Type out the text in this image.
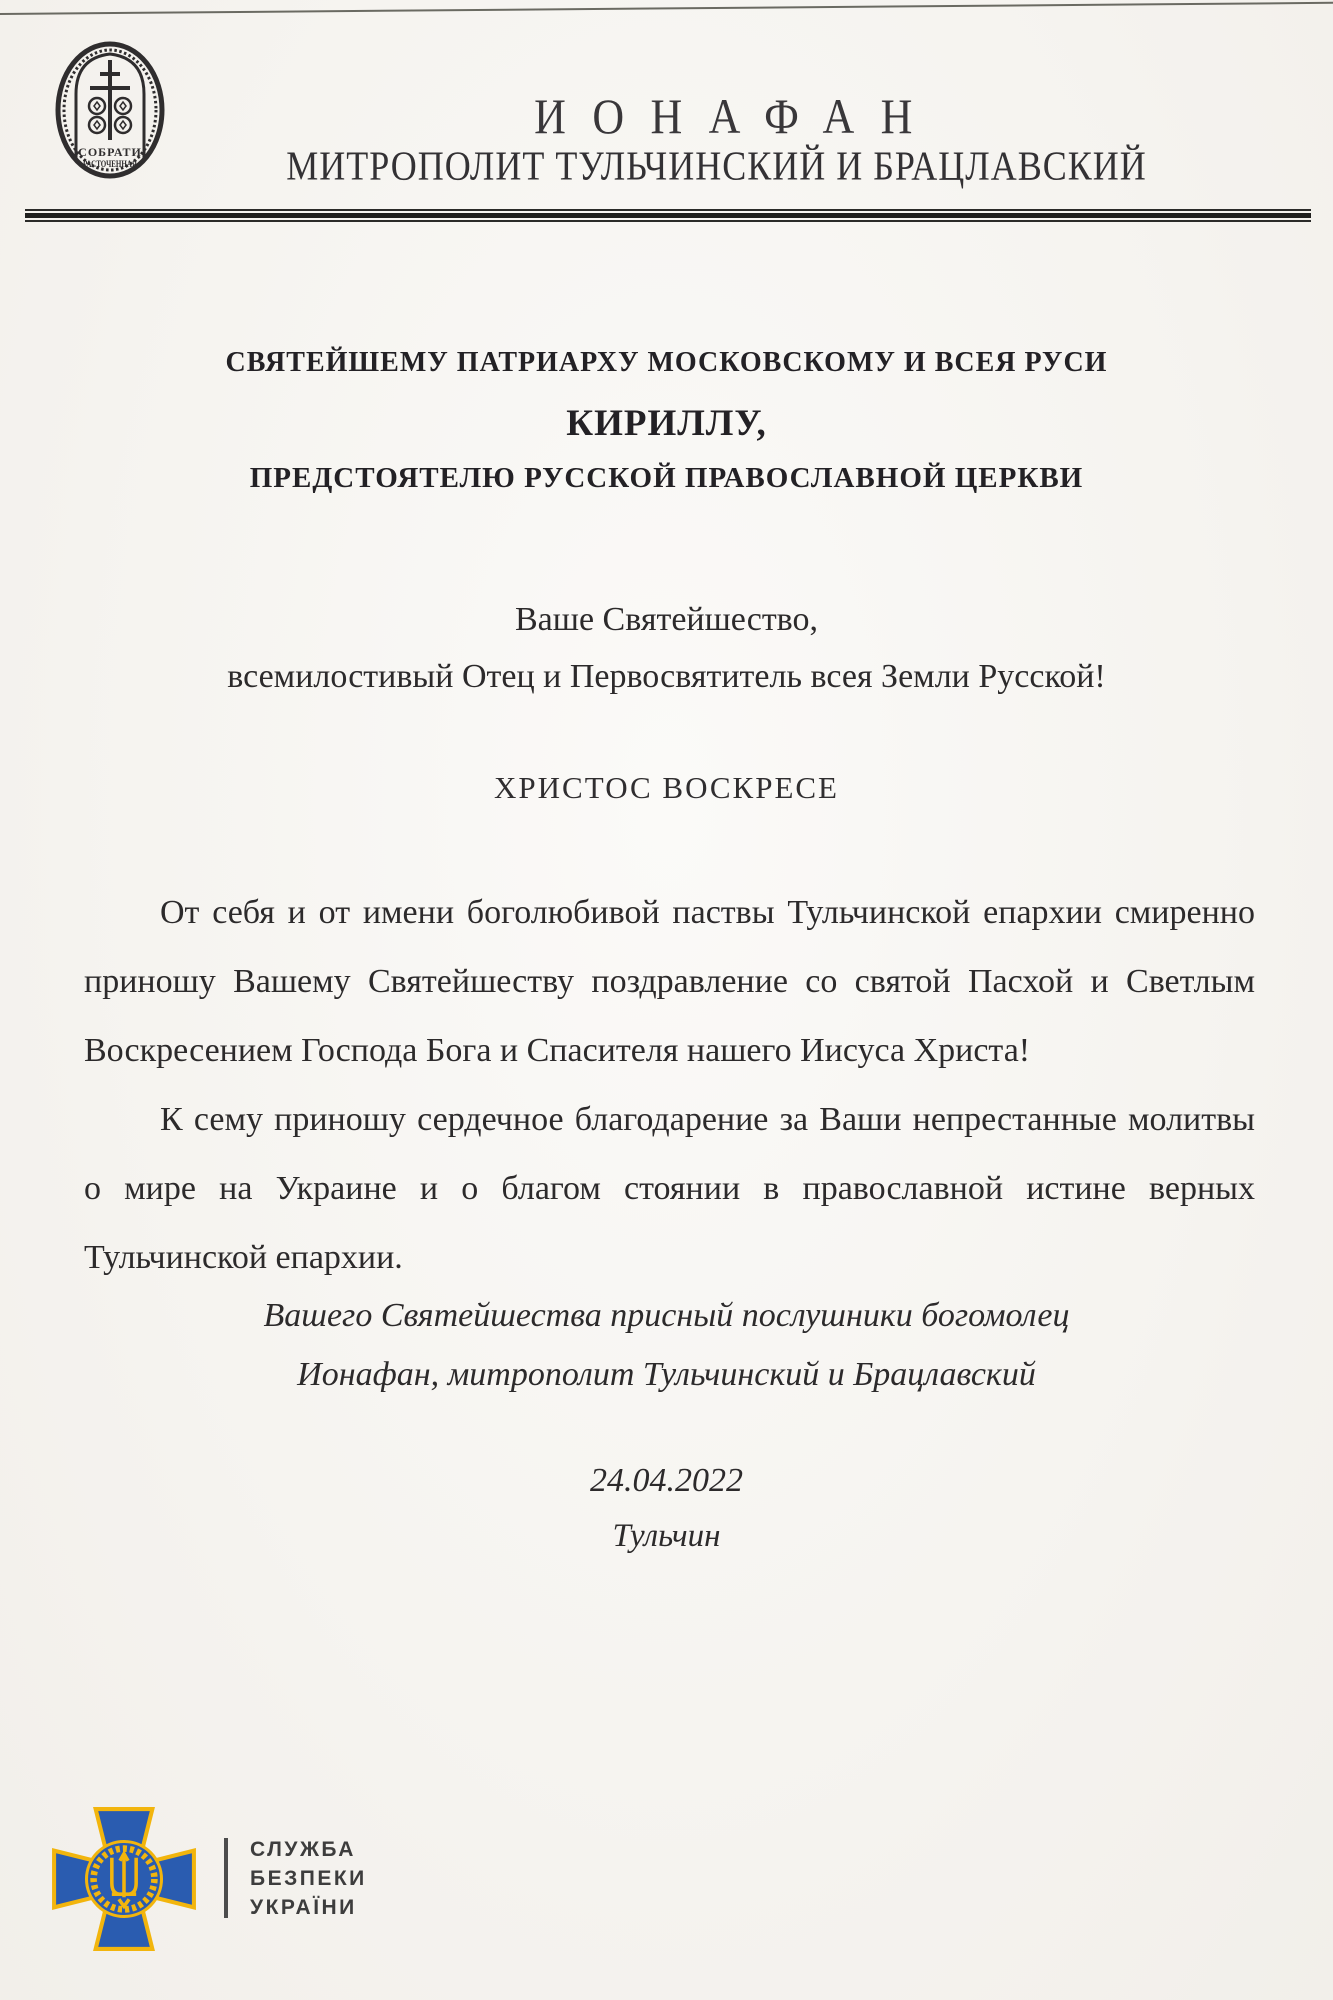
СОБРАТИ
РАСТОЧЕННАЯ
ИОНАФАН
МИТРОПОЛИТ ТУЛЬЧИНСКИЙ И БРАЦЛАВСКИЙ
СВЯТЕЙШЕМУ ПАТРИАРХУ МОСКОВСКОМУ И ВСЕЯ РУСИ
КИРИЛЛУ,
ПРЕДСТОЯТЕЛЮ РУССКОЙ ПРАВОСЛАВНОЙ ЦЕРКВИ
Ваше Святейшество,
всемилостивый Отец и Первосвятитель всея Земли Русской!
ХРИСТОС ВОСКРЕСЕ

От себя и от имени боголюбивой паствы Тульчинской епархии смиренно приношу Вашему Святейшеству поздравление со святой Пасхой и Светлым Воскресением Господа Бога и Спасителя нашего Иисуса Христа!

К сему приношу сердечное благодарение за Ваши непрестанные молитвы о мире на Украине и о благом стоянии в православной истине верных Тульчинской епархии.

Вашего Святейшества присный послушники богомолец
Ионафан, митрополит Тульчинский и Брацлавский
24.04.2022
Тульчин
СЛУЖБА
БЕЗПЕКИ
УКРАЇНИ
